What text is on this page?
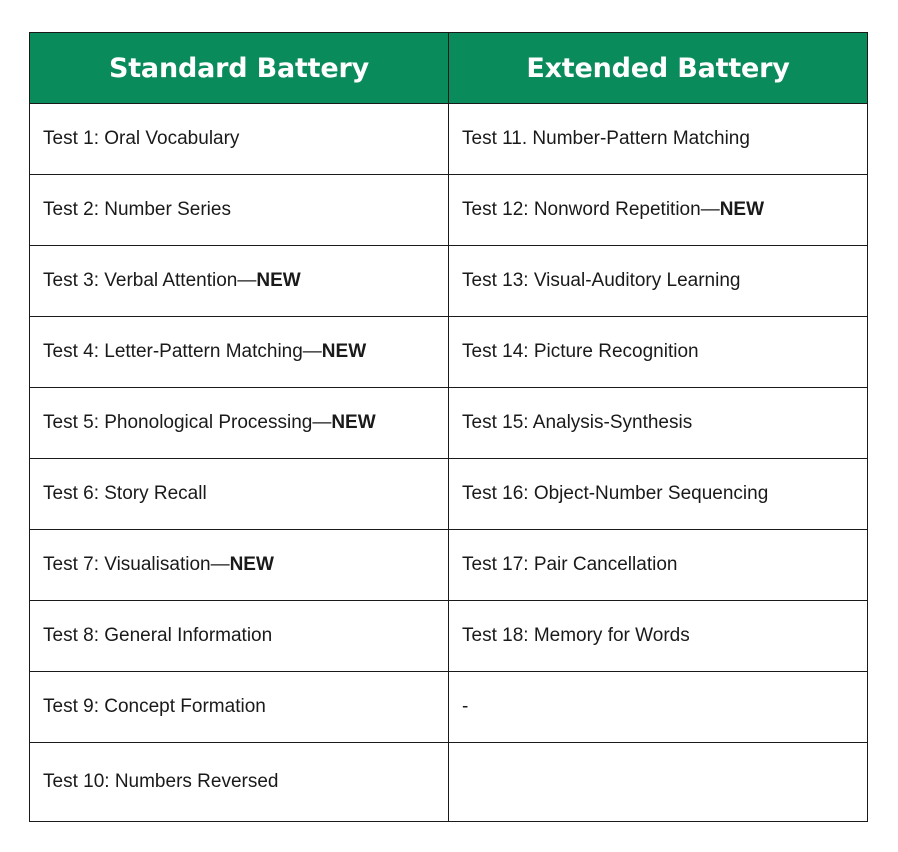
Standard Battery	Extended Battery
Test 1: Oral Vocabulary	Test 11. Number-Pattern Matching
Test 2: Number Series	Test 12: Nonword Repetition—NEW
Test 3: Verbal Attention—NEW	Test 13: Visual-Auditory Learning
Test 4: Letter-Pattern Matching—NEW	Test 14: Picture Recognition
Test 5: Phonological Processing—NEW	Test 15: Analysis-Synthesis
Test 6: Story Recall	Test 16: Object-Number Sequencing
Test 7: Visualisation—NEW	Test 17: Pair Cancellation
Test 8: General Information	Test 18: Memory for Words
Test 9: Concept Formation	-
Test 10: Numbers Reversed	
